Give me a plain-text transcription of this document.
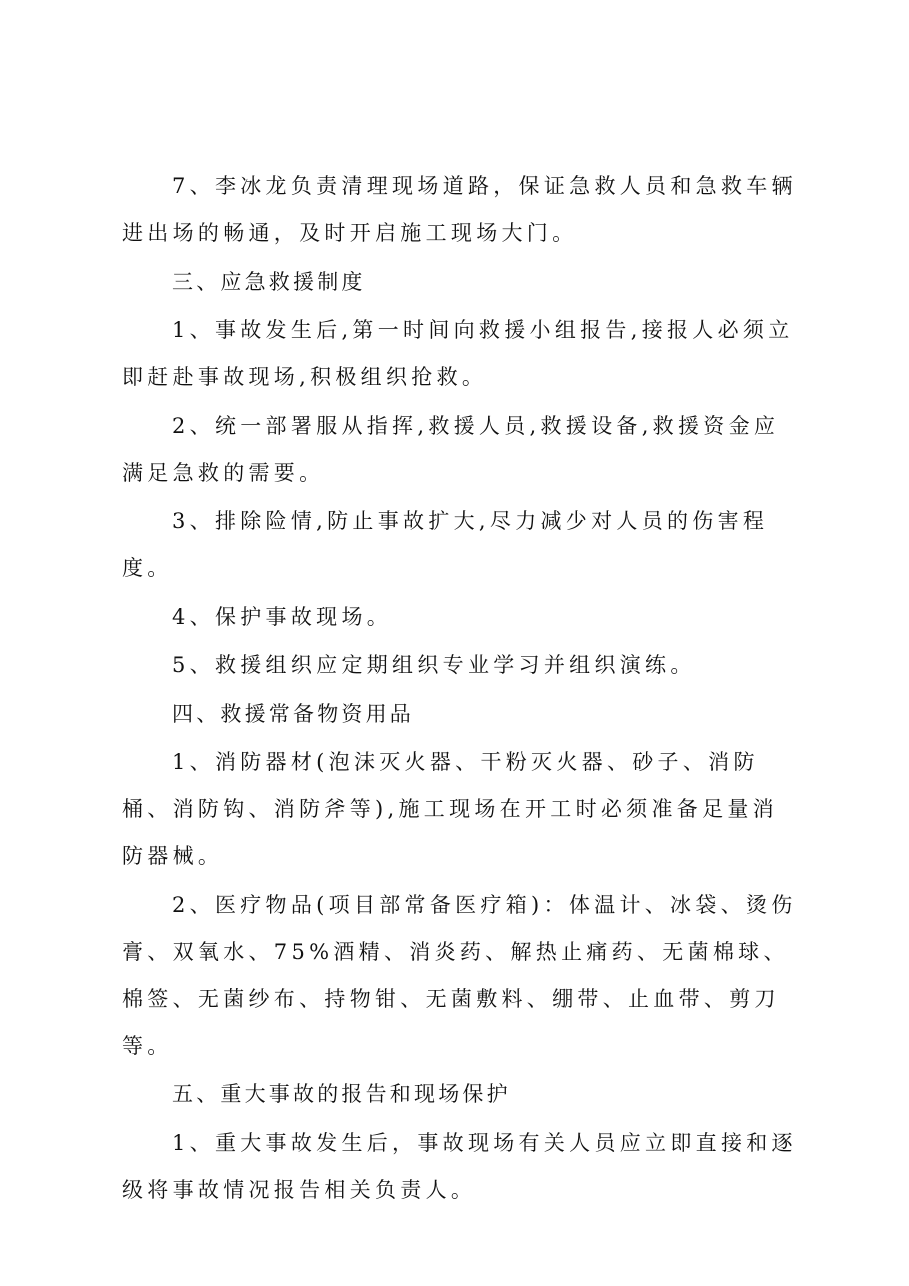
7、李冰龙负责清理现场道路，保证急救人员和急救车辆进出场的畅通，及时开启施工现场大门。

三、应急救援制度

1、事故发生后,第一时间向救援小组报告,接报人必须立即赶赴事故现场,积极组织抢救。

2、统一部署服从指挥,救援人员,救援设备,救援资金应满足急救的需要。

3、排除险情,防止事故扩大,尽力减少对人员的伤害程度。

4、保护事故现场。

5、救援组织应定期组织专业学习并组织演练。

四、救援常备物资用品

1、消防器材(泡沫灭火器、干粉灭火器、砂子、消防桶、消防钩、消防斧等),施工现场在开工时必须准备足量消防器械。

2、医疗物品(项目部常备医疗箱)：体温计、冰袋、烫伤膏、双氧水、75%酒精、消炎药、解热止痛药、无菌棉球、棉签、无菌纱布、持物钳、无菌敷料、绷带、止血带、剪刀等。

五、重大事故的报告和现场保护

1、重大事故发生后，事故现场有关人员应立即直接和逐级将事故情况报告相关负责人。
